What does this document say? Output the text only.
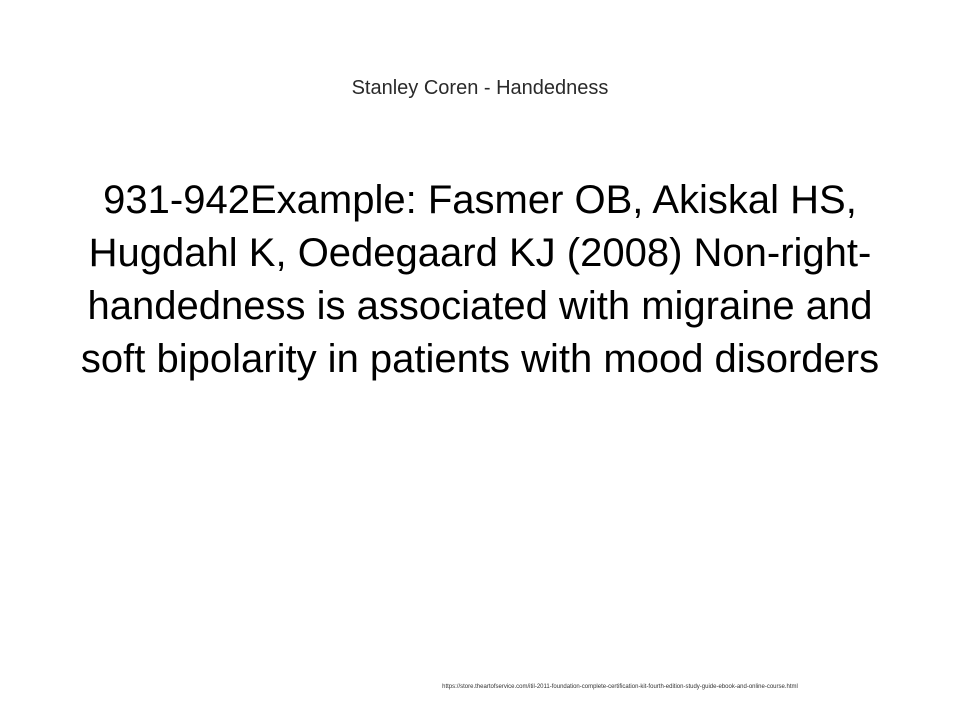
Stanley Coren - Handedness
931-942Example: Fasmer OB, Akiskal HS, Hugdahl K, Oedegaard KJ (2008) Non-right-handedness is associated with migraine and soft bipolarity in patients with mood disorders
https://store.theartofservice.com/itil-2011-foundation-complete-certification-kit-fourth-edition-study-guide-ebook-and-online-course.html
